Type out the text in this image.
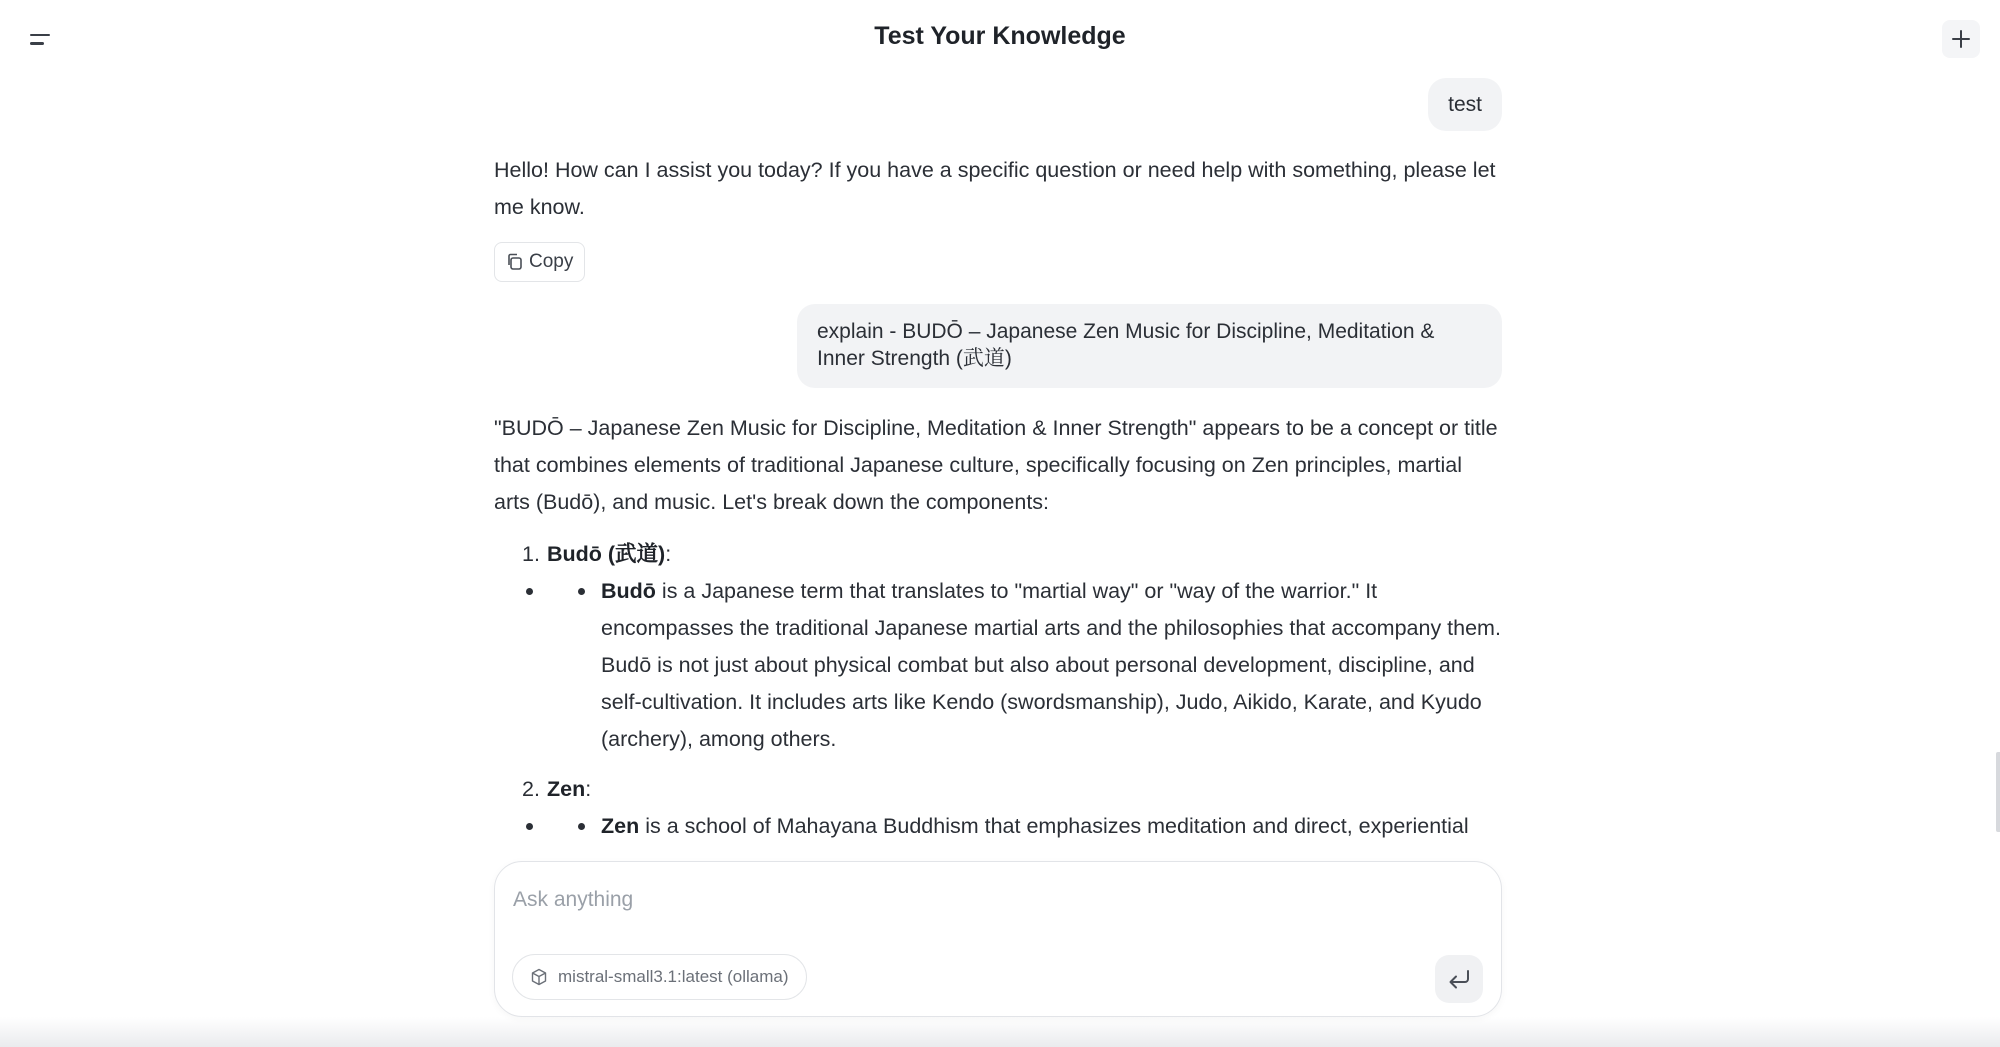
Test Your Knowledge
test
Hello! How can I assist you today? If you have a specific question or need help with something, please let me know.
Copy
explain - BUDŌ – Japanese Zen Music for Discipline, Meditation & Inner Strength (武道)
"BUDŌ – Japanese Zen Music for Discipline, Meditation & Inner Strength" appears to be a concept or title that combines elements of traditional Japanese culture, specifically focusing on Zen principles, martial arts (Budō), and music. Let's break down the components:
1. Budō (武道):
Budō is a Japanese term that translates to "martial way" or "way of the warrior." It encompasses the traditional Japanese martial arts and the philosophies that accompany them. Budō is not just about physical combat but also about personal development, discipline, and self-cultivation. It includes arts like Kendo (swordsmanship), Judo, Aikido, Karate, and Kyudo (archery), among others.
2. Zen:
Zen is a school of Mahayana Buddhism that emphasizes meditation and direct, experiential
Ask anything
mistral-small3.1:latest (ollama)
